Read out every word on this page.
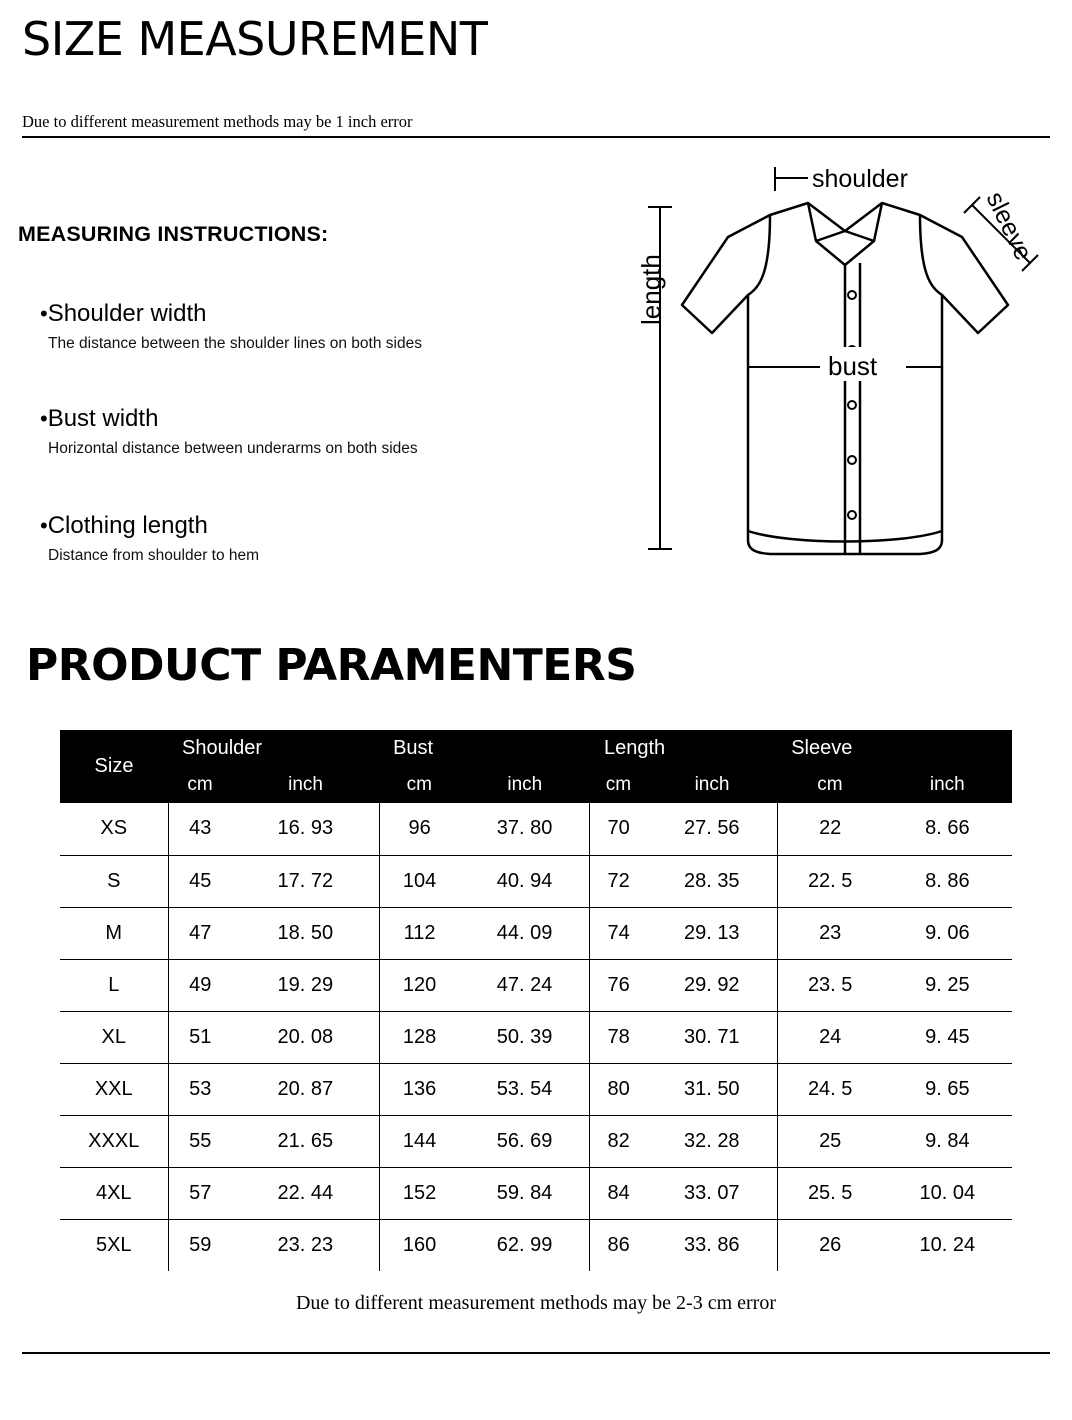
SIZE MEASUREMENT
Due to different measurement methods may be 1 inch error
MEASURING INSTRUCTIONS:
•Shoulder width
The distance between the shoulder lines on both sides
•Bust width
Horizontal distance between underarms on both sides
•Clothing length
Distance from shoulder to hem
shoulder
bust
length
sleeve
PRODUCT PARAMENTERS
Size	Shoulder		Bust		Length		Sleeve	
	cm	inch	cm	inch	cm	inch	cm	inch
XS	43	16. 93	96	37. 80	70	27. 56	22	8. 66
S	45	17. 72	104	40. 94	72	28. 35	22. 5	8. 86
M	47	18. 50	112	44. 09	74	29. 13	23	9. 06
L	49	19. 29	120	47. 24	76	29. 92	23. 5	9. 25
XL	51	20. 08	128	50. 39	78	30. 71	24	9. 45
XXL	53	20. 87	136	53. 54	80	31. 50	24. 5	9. 65
XXXL	55	21. 65	144	56. 69	82	32. 28	25	9. 84
4XL	57	22. 44	152	59. 84	84	33. 07	25. 5	10. 04
5XL	59	23. 23	160	62. 99	86	33. 86	26	10. 24
Due to different measurement methods may be 2-3 cm error
